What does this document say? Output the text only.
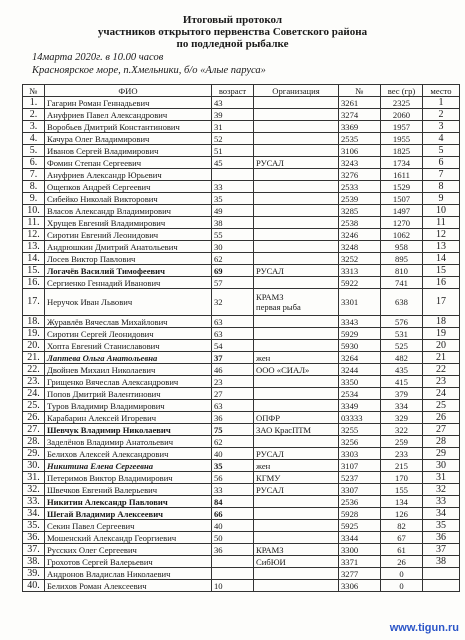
Итоговый протокол
участников открытого первенства Советского района
по подледной рыбалке
14марта 2020г. в 10.00 часов
Красноярское море, п.Хмельники, б/о «Алые паруса»
№	ФИО	возраст	Организация	№	вес (гр)	место
1.	Гагарин Роман Геннадьевич	43		3261	2325	1
2.	Ануфриев Павел Александрович	39		3274	2060	2
3.	Воробьев Дмитрий Константинович	31		3369	1957	3
4.	Качура Олег Владимирович	52		2535	1955	4
5.	Иванов Сергей Владимирович	51		3106	1825	5
6.	Фомин Степан Сергеевич	45	РУСАЛ	3243	1734	6
7.	Ануфриев Александр Юрьевич			3276	1611	7
8.	Ощепков Андрей Сергеевич	33		2533	1529	8
9.	Сибейко Николай Викторович	35		2539	1507	9
10.	Власов Александр Владимирович	49		3285	1497	10
11.	Хрущев Евгений Владимирович	38		2538	1270	11
12.	Сиротин Евгений Леонидович	55		3246	1062	12
13.	Андрюшкин Дмитрий Анатольевич	30		3248	958	13
14.	Лосев Виктор Павлович	62		3252	895	14
15.	Логачёв Василий Тимофеевич	69	РУСАЛ	3313	810	15
16.	Сергиенко Геннадий Иванович	57		5922	741	16
17.	Неручок Иван Львович	32	КРАМЗ
первая рыба	3301	638	17
18.	Журавлёв Вячеслав Михайлович	63		3343	576	18
19.	Сиротин Сергей Леонидович	63		5929	531	19
20.	Хопта Евгений Станиславович	54		5930	525	20
21.	Лаптева Ольга Анатольевна	37	жен	3264	482	21
22.	Двойнев Михаил Николаевич	46	ООО «СИАЛ»	3244	435	22
23.	Грищенко Вячеслав Александрович	23		3350	415	23
24.	Попов Дмитрий Валентинович	27		2534	379	24
25.	Туров Владимир Владимирович	63		3349	334	25
26.	Карабарин Алексей Игоревич	36	ОПФР	03333	329	26
27.	Шевчук Владимир Николаевич	75	ЗАО КрасПТМ	3255	322	27
28.	Заделёнов Владимир Анатольевич	62		3256	259	28
29.	Белихов Алексей Александрович	40	РУСАЛ	3303	233	29
30.	Никитина Елена Сергеевна	35	жен	3107	215	30
31.	Петеримов Виктор Владимирович	56	КГМУ	5237	170	31
32.	Швечков Евгений Валерьевич	33	РУСАЛ	3307	155	32
33.	Никитин Александр Павлович	84		2536	134	33
34.	Шегай Владимир Алексеевич	66		5928	126	34
35.	Секин Павел Сергеевич	40		5925	82	35
36.	Мошенский Александр Георгиевич	50		3344	67	36
37.	Русских Олег Сергеевич	36	КРАМЗ	3300	61	37
38.	Грохотов Сергей Валерьевич		СибЮИ	3371	26	38
39.	Андронов Владислав Николаевич			3277	0	
40.	Белихов Роман Алексеевич	10		3306	0	
www.tigun.ru
